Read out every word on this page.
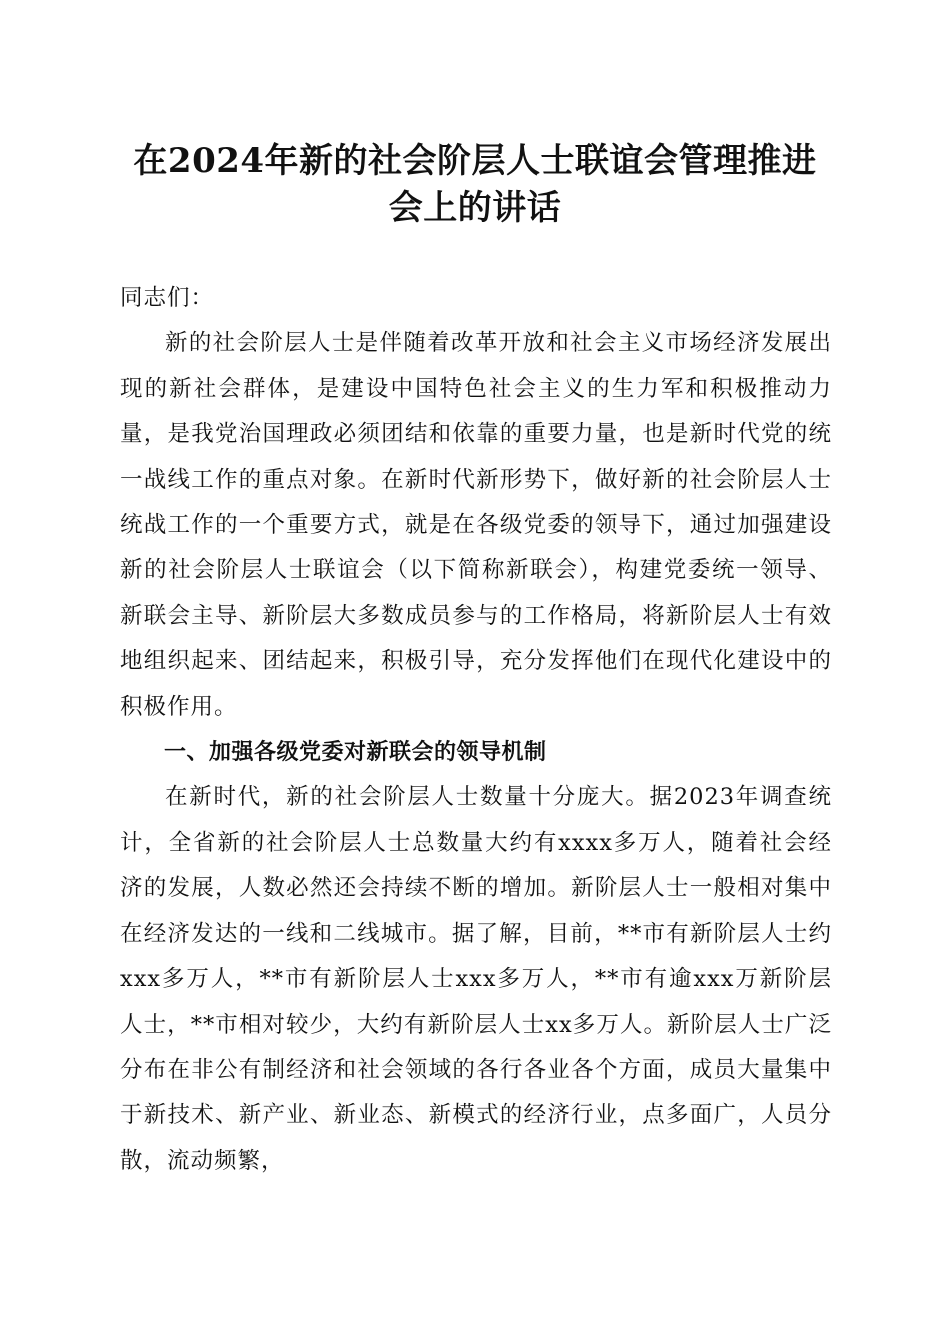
在2024年新的社会阶层人士联谊会管理推进
会上的讲话

同志们：

新的社会阶层人士是伴随着改革开放和社会主义市场经济发展出现的新社会群体，是建设中国特色社会主义的生力军和积极推动力量，是我党治国理政必须团结和依靠的重要力量，也是新时代党的统一战线工作的重点对象。在新时代新形势下，做好新的社会阶层人士统战工作的一个重要方式，就是在各级党委的领导下，通过加强建设新的社会阶层人士联谊会（以下简称新联会），构建党委统一领导、新联会主导、新阶层大多数成员参与的工作格局，将新阶层人士有效地组织起来、团结起来，积极引导，充分发挥他们在现代化建设中的积极作用。

一、加强各级党委对新联会的领导机制

在新时代，新的社会阶层人士数量十分庞大。据2023年调查统计，全省新的社会阶层人士总数量大约有xxxx多万人，随着社会经济的发展，人数必然还会持续不断的增加。新阶层人士一般相对集中在经济发达的一线和二线城市。据了解，目前，**市有新阶层人士约xxx多万人，**市有新阶层人士xxx多万人，**市有逾xxx万新阶层人士，**市相对较少，大约有新阶层人士xx多万人。新阶层人士广泛分布在非公有制经济和社会领域的各行各业各个方面，成员大量集中于新技术、新产业、新业态、新模式的经济行业，点多面广，人员分散，流动频繁，
